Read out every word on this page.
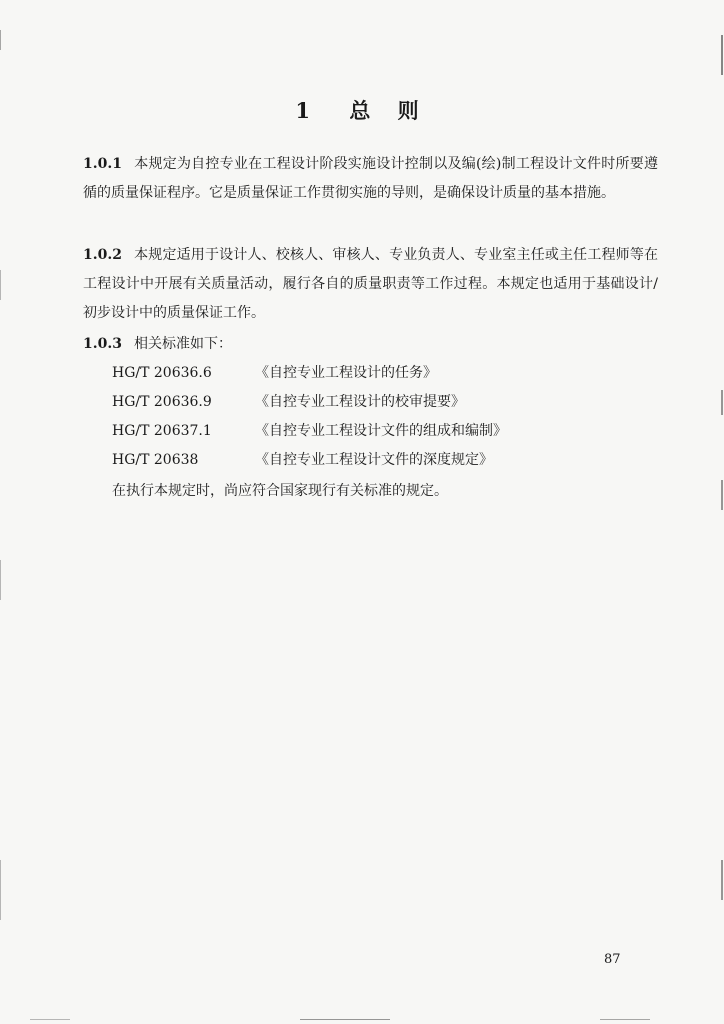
1 总 则
1.0.1 本规定为自控专业在工程设计阶段实施设计控制以及编(绘)制工程设计文件时所要遵循的质量保证程序。它是质量保证工作贯彻实施的导则，是确保设计质量的基本措施。
1.0.2 本规定适用于设计人、校核人、审核人、专业负责人、专业室主任或主任工程师等在工程设计中开展有关质量活动，履行各自的质量职责等工作过程。本规定也适用于基础设计/初步设计中的质量保证工作。
1.0.3 相关标准如下：
HG/T 20636.6	《自控专业工程设计的任务》
HG/T 20636.9	《自控专业工程设计的校审提要》
HG/T 20637.1	《自控专业工程设计文件的组成和编制》
HG/T 20638	《自控专业工程设计文件的深度规定》
在执行本规定时，尚应符合国家现行有关标准的规定。
87
